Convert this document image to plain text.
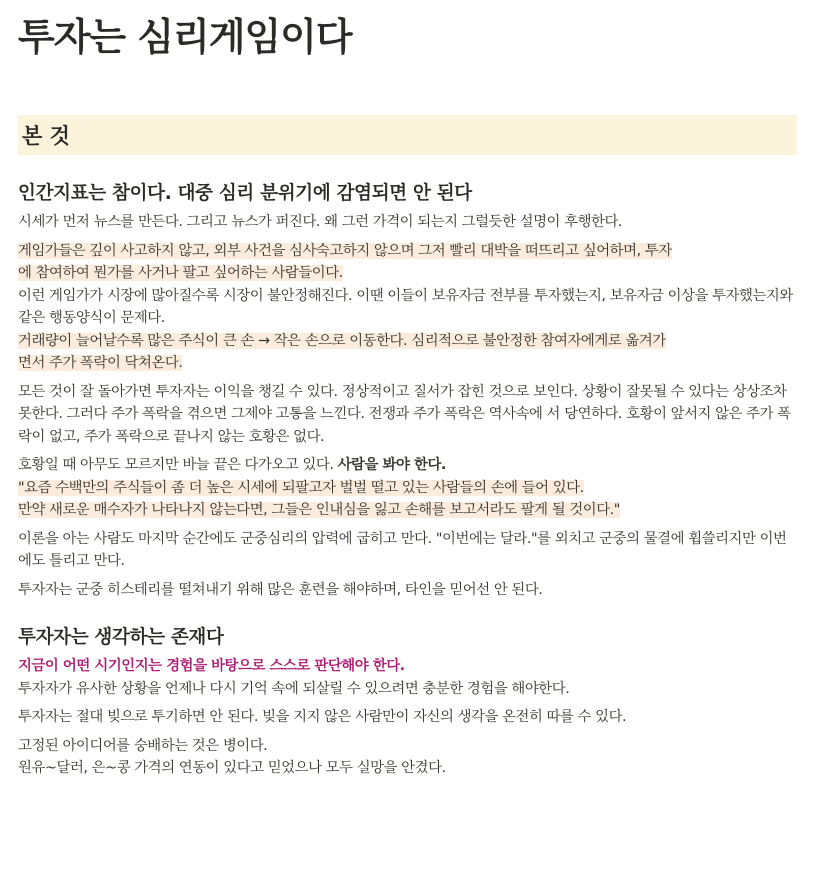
투자는 심리게임이다
본 것
인간지표는 참이다. 대중 심리 분위기에 감염되면 안 된다

시세가 먼저 뉴스를 만든다. 그리고 뉴스가 퍼진다. 왜 그런 가격이 되는지 그럴듯한 설명이 후행한다.

게임가들은 깊이 사고하지 않고, 외부 사건을 심사숙고하지 않으며 그저 빨리 대박을 떠뜨리고 싶어하며, 투자
에 참여하여 뭔가를 사거나 팔고 싶어하는 사람들이다.

이런 게임가가 시장에 많아질수록 시장이 불안정해진다. 이땐 이들이 보유자금 전부를 투자했는지, 보유자금 이상을 투자했는지와 같은 행동양식이 문제다.

거래량이 늘어날수록 많은 주식이 큰 손 → 작은 손으로 이동한다. 심리적으로 불안정한 참여자에게로 옮겨가
면서 주가 폭락이 닥쳐온다.

모든 것이 잘 돌아가면 투자자는 이익을 챙길 수 있다. 정상적이고 질서가 잡힌 것으로 보인다. 상황이 잘못될 수 있다는 상상조차 못한다. 그러다 주가 폭락을 겪으면 그제야 고통을 느낀다. 전쟁과 주가 폭락은 역사속에 서 당연하다. 호황이 앞서지 않은 주가 폭락이 없고, 주가 폭락으로 끝나지 않는 호황은 없다.

호황일 때 아무도 모르지만 바늘 끝은 다가오고 있다. 사람을 봐야 한다.

"요즘 수백만의 주식들이 좀 더 높은 시세에 되팔고자 벌벌 떨고 있는 사람들의 손에 들어 있다.
만약 새로운 매수자가 나타나지 않는다면, 그들은 인내심을 잃고 손해를 보고서라도 팔게 될 것이다."

이론을 아는 사람도 마지막 순간에도 군중심리의 압력에 굽히고 만다. "이번에는 달라."를 외치고 군중의 물결에 휩쓸리지만 이번에도 틀리고 만다.

투자자는 군중 히스테리를 떨쳐내기 위해 많은 훈련을 해야하며, 타인을 믿어선 안 된다.

투자자는 생각하는 존재다

지금이 어떤 시기인지는 경험을 바탕으로 스스로 판단해야 한다.
투자자가 유사한 상황을 언제나 다시 기억 속에 되살릴 수 있으려면 충분한 경험을 해야한다.

투자자는 절대 빚으로 투기하면 안 된다. 빚을 지지 않은 사람만이 자신의 생각을 온전히 따를 수 있다.

고정된 아이디어를 숭배하는 것은 병이다.
원유~달러, 은~콩 가격의 연동이 있다고 믿었으나 모두 실망을 안겼다.
